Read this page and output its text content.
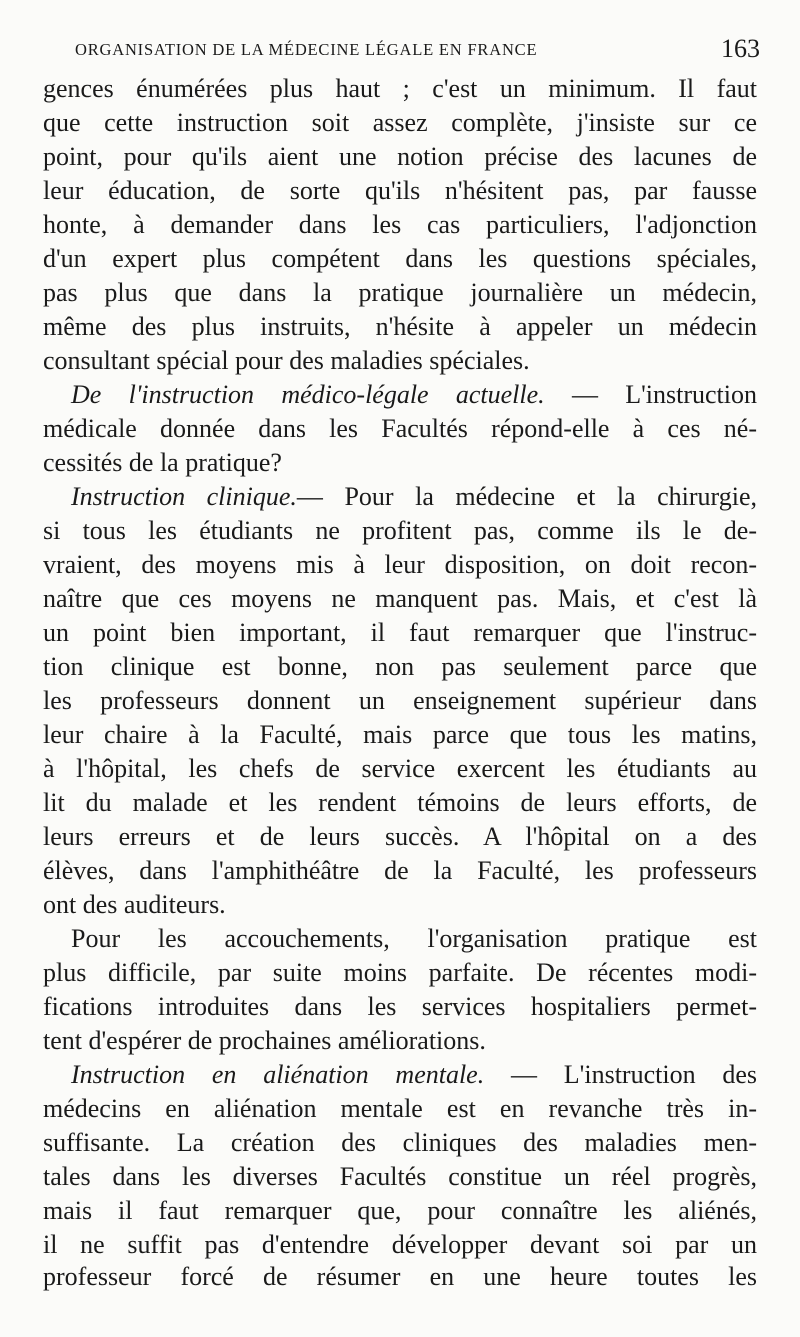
ORGANISATION DE LA MÉDECINE LÉGALE EN FRANCE	163
gences énumérées plus haut ; c'est un minimum. Il faut
que cette instruction soit assez complète, j'insiste sur ce
point, pour qu'ils aient une notion précise des lacunes de
leur éducation, de sorte qu'ils n'hésitent pas, par fausse
honte, à demander dans les cas particuliers, l'adjonction
d'un expert plus compétent dans les questions spéciales,
pas plus que dans la pratique journalière un médecin,
même des plus instruits, n'hésite à appeler un médecin
consultant spécial pour des maladies spéciales.
De l'instruction médico-légale actuelle. — L'instruction
médicale donnée dans les Facultés répond-elle à ces né-
cessités de la pratique?
Instruction clinique.— Pour la médecine et la chirurgie,
si tous les étudiants ne profitent pas, comme ils le de-
vraient, des moyens mis à leur disposition, on doit recon-
naître que ces moyens ne manquent pas. Mais, et c'est là
un point bien important, il faut remarquer que l'instruc-
tion clinique est bonne, non pas seulement parce que
les professeurs donnent un enseignement supérieur dans
leur chaire à la Faculté, mais parce que tous les matins,
à l'hôpital, les chefs de service exercent les étudiants au
lit du malade et les rendent témoins de leurs efforts, de
leurs erreurs et de leurs succès. A l'hôpital on a des
élèves, dans l'amphithéâtre de la Faculté, les professeurs
ont des auditeurs.
Pour les accouchements, l'organisation pratique est
plus difficile, par suite moins parfaite. De récentes modi-
fications introduites dans les services hospitaliers permet-
tent d'espérer de prochaines améliorations.
Instruction en aliénation mentale. — L'instruction des
médecins en aliénation mentale est en revanche très in-
suffisante. La création des cliniques des maladies men-
tales dans les diverses Facultés constitue un réel progrès,
mais il faut remarquer que, pour connaître les aliénés,
il ne suffit pas d'entendre développer devant soi par un
professeur forcé de résumer en une heure toutes les
